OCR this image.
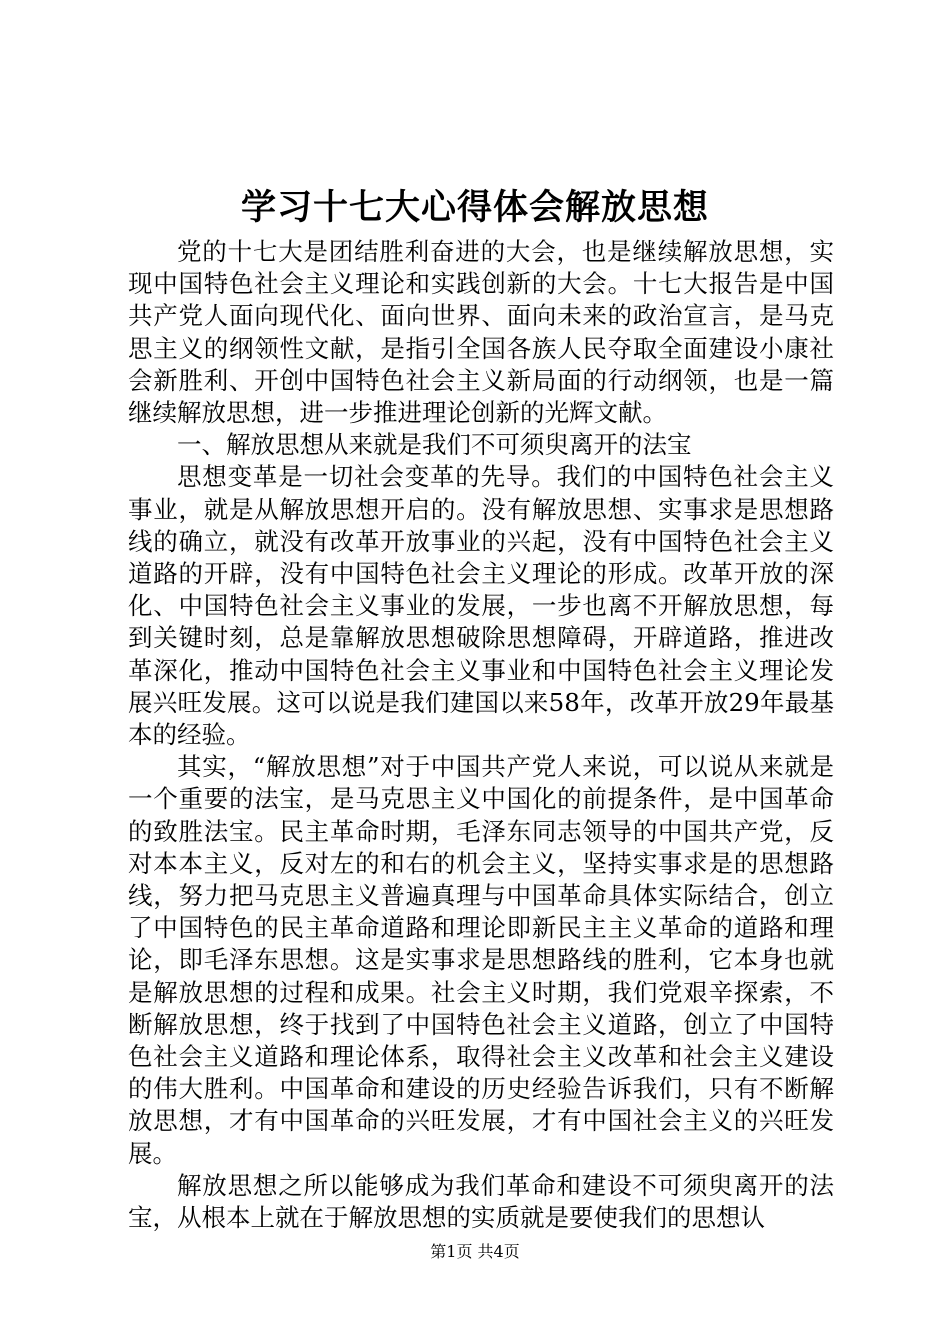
学习十七大心得体会解放思想

党的十七大是团结胜利奋进的大会，也是继续解放思想，实现中国特色社会主义理论和实践创新的大会。十七大报告是中国共产党人面向现代化、面向世界、面向未来的政治宣言，是马克思主义的纲领性文献，是指引全国各族人民夺取全面建设小康社会新胜利、开创中国特色社会主义新局面的行动纲领，也是一篇继续解放思想，进一步推进理论创新的光辉文献。

一、解放思想从来就是我们不可须臾离开的法宝

思想变革是一切社会变革的先导。我们的中国特色社会主义事业，就是从解放思想开启的。没有解放思想、实事求是思想路线的确立，就没有改革开放事业的兴起，没有中国特色社会主义道路的开辟，没有中国特色社会主义理论的形成。改革开放的深化、中国特色社会主义事业的发展，一步也离不开解放思想，每到关键时刻，总是靠解放思想破除思想障碍，开辟道路，推进改革深化，推动中国特色社会主义事业和中国特色社会主义理论发展兴旺发展。这可以说是我们建国以来58年，改革开放29年最基本的经验。

其实，“解放思想”对于中国共产党人来说，可以说从来就是一个重要的法宝，是马克思主义中国化的前提条件，是中国革命的致胜法宝。民主革命时期，毛泽东同志领导的中国共产党，反对本本主义，反对左的和右的机会主义，坚持实事求是的思想路线，努力把马克思主义普遍真理与中国革命具体实际结合，创立了中国特色的民主革命道路和理论即新民主主义革命的道路和理论，即毛泽东思想。这是实事求是思想路线的胜利，它本身也就是解放思想的过程和成果。社会主义时期，我们党艰辛探索，不断解放思想，终于找到了中国特色社会主义道路，创立了中国特色社会主义道路和理论体系，取得社会主义改革和社会主义建设的伟大胜利。中国革命和建设的历史经验告诉我们，只有不断解放思想，才有中国革命的兴旺发展，才有中国社会主义的兴旺发展。

解放思想之所以能够成为我们革命和建设不可须臾离开的法宝，从根本上就在于解放思想的实质就是要使我们的思想认

第1页 共4页
